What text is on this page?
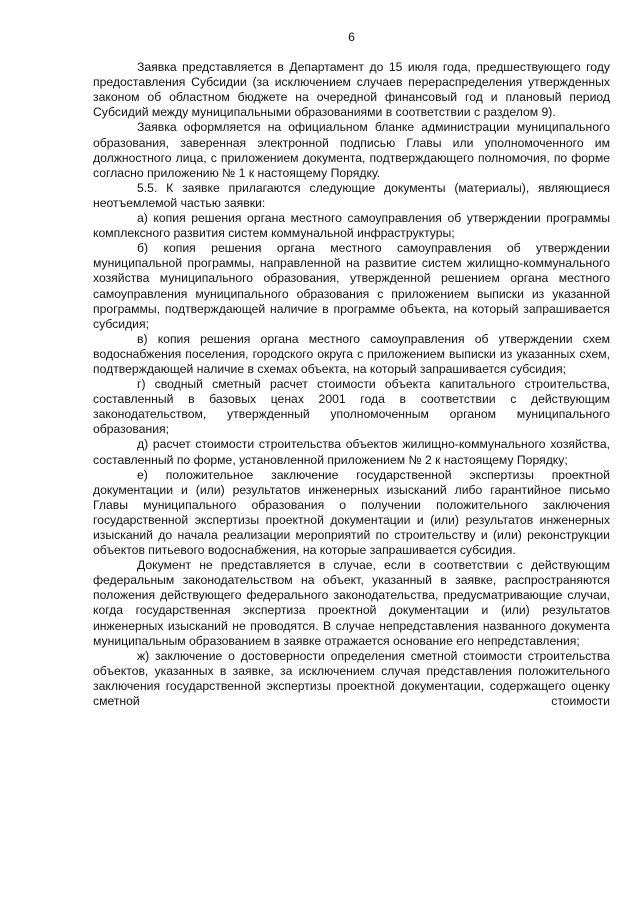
6

Заявка представляется в Департамент до 15 июля года, предшествующего году предоставления Субсидии (за исключением случаев перераспределения утвержденных законом об областном бюджете на очередной финансовый год и плановый период Субсидий между муниципальными образованиями в соответствии с разделом 9).

Заявка оформляется на официальном бланке администрации муниципального образования, заверенная электронной подписью Главы или уполномоченного им должностного лица, с приложением документа, подтверждающего полномочия, по форме согласно приложению № 1 к настоящему Порядку.

5.5. К заявке прилагаются следующие документы (материалы), являющиеся неотъемлемой частью заявки:

а) копия решения органа местного самоуправления об утверждении программы комплексного развития систем коммунальной инфраструктуры;

б) копия решения органа местного самоуправления об утверждении муниципальной программы, направленной на развитие систем жилищно-коммунального хозяйства муниципального образования, утвержденной решением органа местного самоуправления муниципального образования с приложением выписки из указанной программы, подтверждающей наличие в программе объекта, на который запрашивается субсидия;

в) копия решения органа местного самоуправления об утверждении схем водоснабжения поселения, городского округа с приложением выписки из указанных схем, подтверждающей наличие в схемах объекта, на который запрашивается субсидия;

г) сводный сметный расчет стоимости объекта капитального строительства, составленный в базовых ценах 2001 года в соответствии с действующим законодательством, утвержденный уполномоченным органом муниципального образования;

д) расчет стоимости строительства объектов жилищно-коммунального хозяйства, составленный по форме, установленной приложением № 2 к настоящему Порядку;

е) положительное заключение государственной экспертизы проектной документации и (или) результатов инженерных изысканий либо гарантийное письмо Главы муниципального образования о получении положительного заключения государственной экспертизы проектной документации и (или) результатов инженерных изысканий до начала реализации мероприятий по строительству и (или) реконструкции объектов питьевого водоснабжения, на которые запрашивается субсидия.

Документ не представляется в случае, если в соответствии с действующим федеральным законодательством на объект, указанный в заявке, распространяются положения действующего федерального законодательства, предусматривающие случаи, когда государственная экспертиза проектной документации и (или) результатов инженерных изысканий не проводятся. В случае непредставления названного документа муниципальным образованием в заявке отражается основание его непредставления;

ж) заключение о достоверности определения сметной стоимости строительства объектов, указанных в заявке, за исключением случая представления положительного заключения государственной экспертизы проектной документации, содержащего оценку сметной стоимости
